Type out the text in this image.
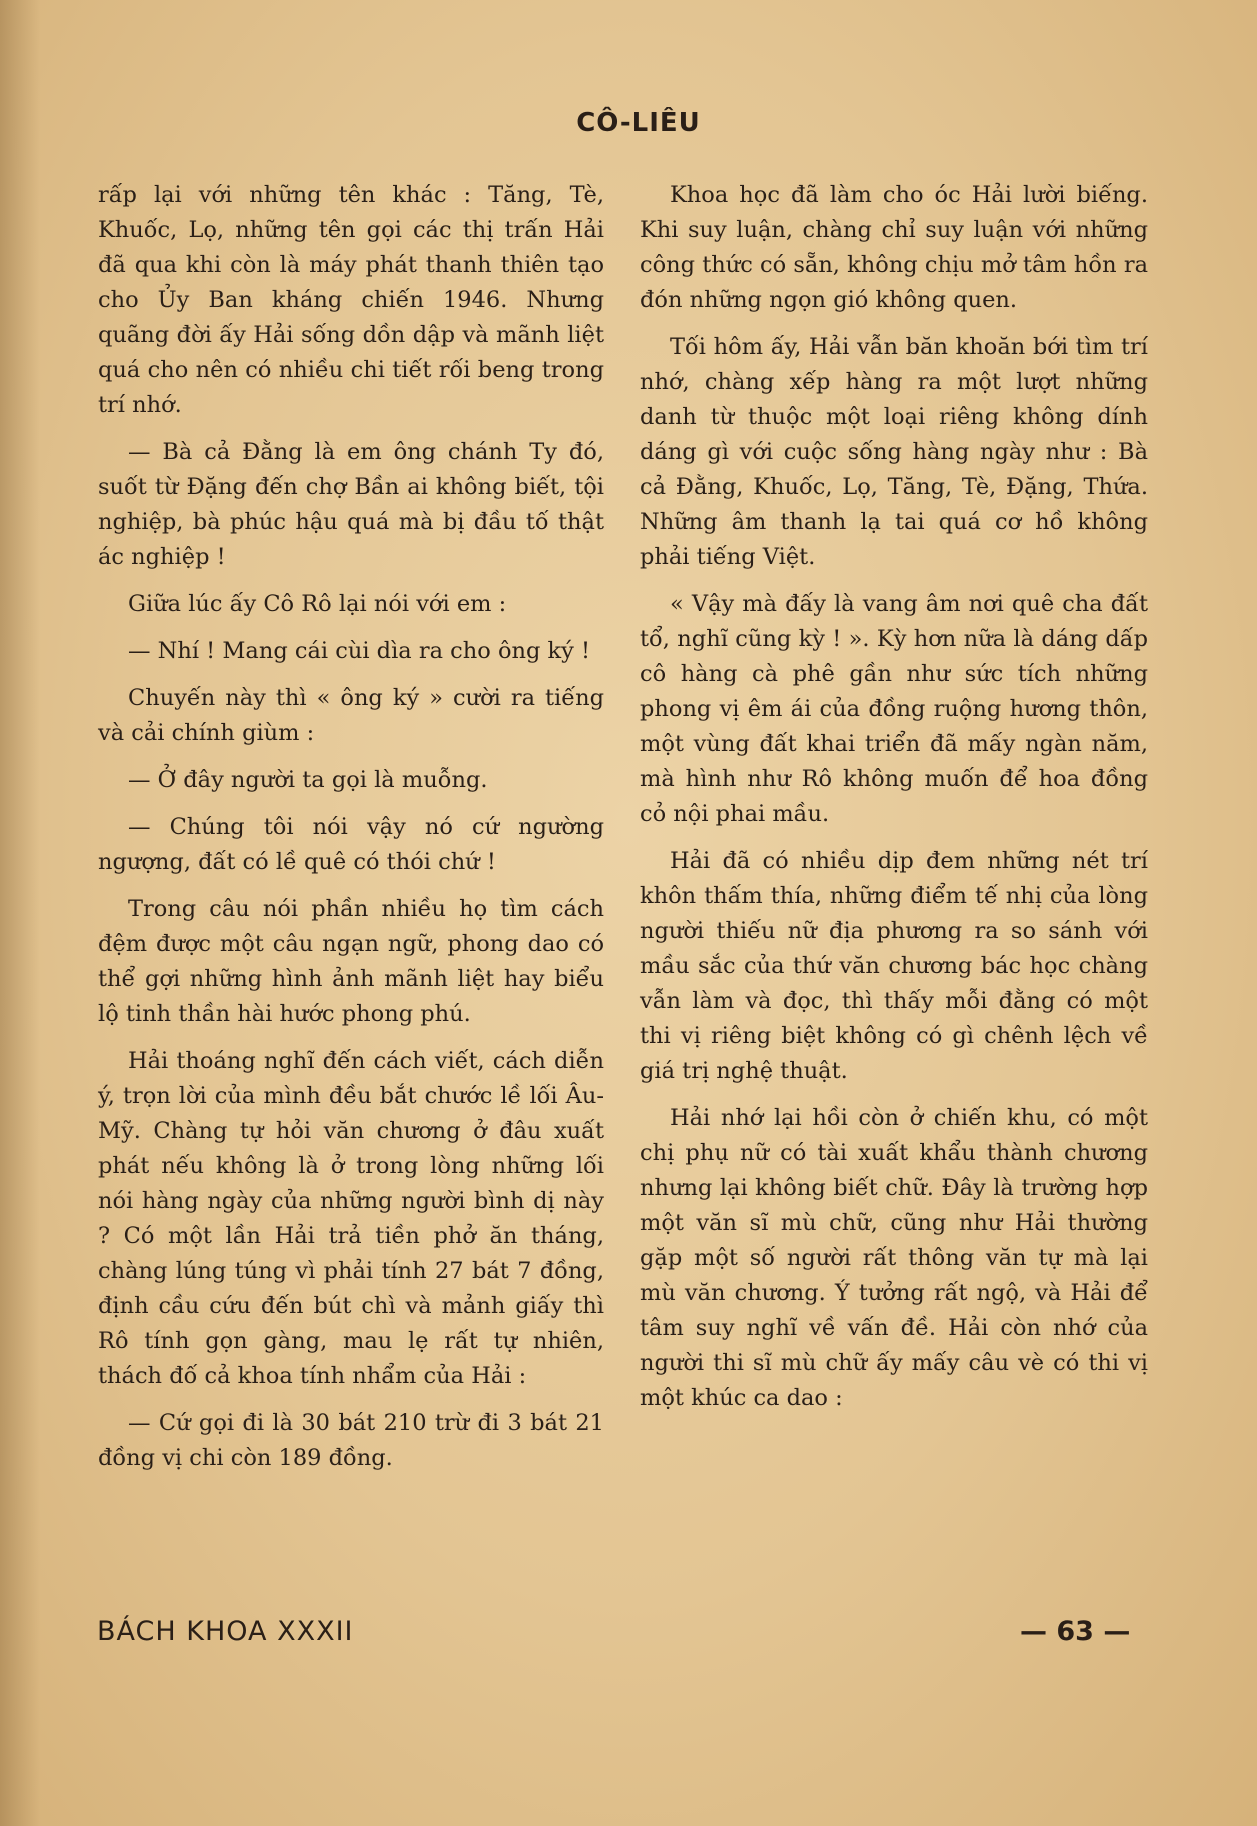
CÔ-LIÊU

rấp lại với những tên khác : Tăng, Tè, Khuốc, Lọ, những tên gọi các thị trấn Hải đã qua khi còn là máy phát thanh thiên tạo cho Ủy Ban kháng chiến 1946. Nhưng quãng đời ấy Hải sống dồn dập và mãnh liệt quá cho nên có nhiều chi tiết rối beng trong trí nhớ.

— Bà cả Đằng là em ông chánh Ty đó, suốt từ Đặng đến chợ Bần ai không biết, tội nghiệp, bà phúc hậu quá mà bị đầu tố thật ác nghiệp !

Giữa lúc ấy Cô Rô lại nói với em :

— Nhí ! Mang cái cùi dìa ra cho ông ký !

Chuyến này thì « ông ký » cười ra tiếng và cải chính giùm :

— Ở đây người ta gọi là muỗng.

— Chúng tôi nói vậy nó cứ ngường ngượng, đất có lề quê có thói chứ !

Trong câu nói phần nhiều họ tìm cách đệm được một câu ngạn ngữ, phong dao có thể gợi những hình ảnh mãnh liệt hay biểu lộ tinh thần hài hước phong phú.

Hải thoáng nghĩ đến cách viết, cách diễn ý, trọn lời của mình đều bắt chước lề lối Âu-Mỹ. Chàng tự hỏi văn chương ở đâu xuất phát nếu không là ở trong lòng những lối nói hàng ngày của những người bình dị này ? Có một lần Hải trả tiền phở ăn tháng, chàng lúng túng vì phải tính 27 bát 7 đồng, định cầu cứu đến bút chì và mảnh giấy thì Rô tính gọn gàng, mau lẹ rất tự nhiên, thách đố cả khoa tính nhẩm của Hải :

— Cứ gọi đi là 30 bát 210 trừ đi 3 bát 21 đồng vị chi còn 189 đồng.

Khoa học đã làm cho óc Hải lười biếng. Khi suy luận, chàng chỉ suy luận với những công thức có sẵn, không chịu mở tâm hồn ra đón những ngọn gió không quen.

Tối hôm ấy, Hải vẫn băn khoăn bới tìm trí nhớ, chàng xếp hàng ra một lượt những danh từ thuộc một loại riêng không dính dáng gì với cuộc sống hàng ngày như : Bà cả Đằng, Khuốc, Lọ, Tăng, Tè, Đặng, Thứa. Những âm thanh lạ tai quá cơ hồ không phải tiếng Việt.

« Vậy mà đấy là vang âm nơi quê cha đất tổ, nghĩ cũng kỳ ! ». Kỳ hơn nữa là dáng dấp cô hàng cà phê gần như sức tích những phong vị êm ái của đồng ruộng hương thôn, một vùng đất khai triển đã mấy ngàn năm, mà hình như Rô không muốn để hoa đồng cỏ nội phai mầu.

Hải đã có nhiều dịp đem những nét trí khôn thấm thía, những điểm tế nhị của lòng người thiếu nữ địa phương ra so sánh với mầu sắc của thứ văn chương bác học chàng vẫn làm và đọc, thì thấy mỗi đằng có một thi vị riêng biệt không có gì chênh lệch về giá trị nghệ thuật.

Hải nhớ lại hồi còn ở chiến khu, có một chị phụ nữ có tài xuất khẩu thành chương nhưng lại không biết chữ. Đây là trường hợp một văn sĩ mù chữ, cũng như Hải thường gặp một số người rất thông văn tự mà lại mù văn chương. Ý tưởng rất ngộ, và Hải để tâm suy nghĩ về vấn đề. Hải còn nhớ của người thi sĩ mù chữ ấy mấy câu vè có thi vị một khúc ca dao :

BÁCH KHOA XXXII	— 63 —
